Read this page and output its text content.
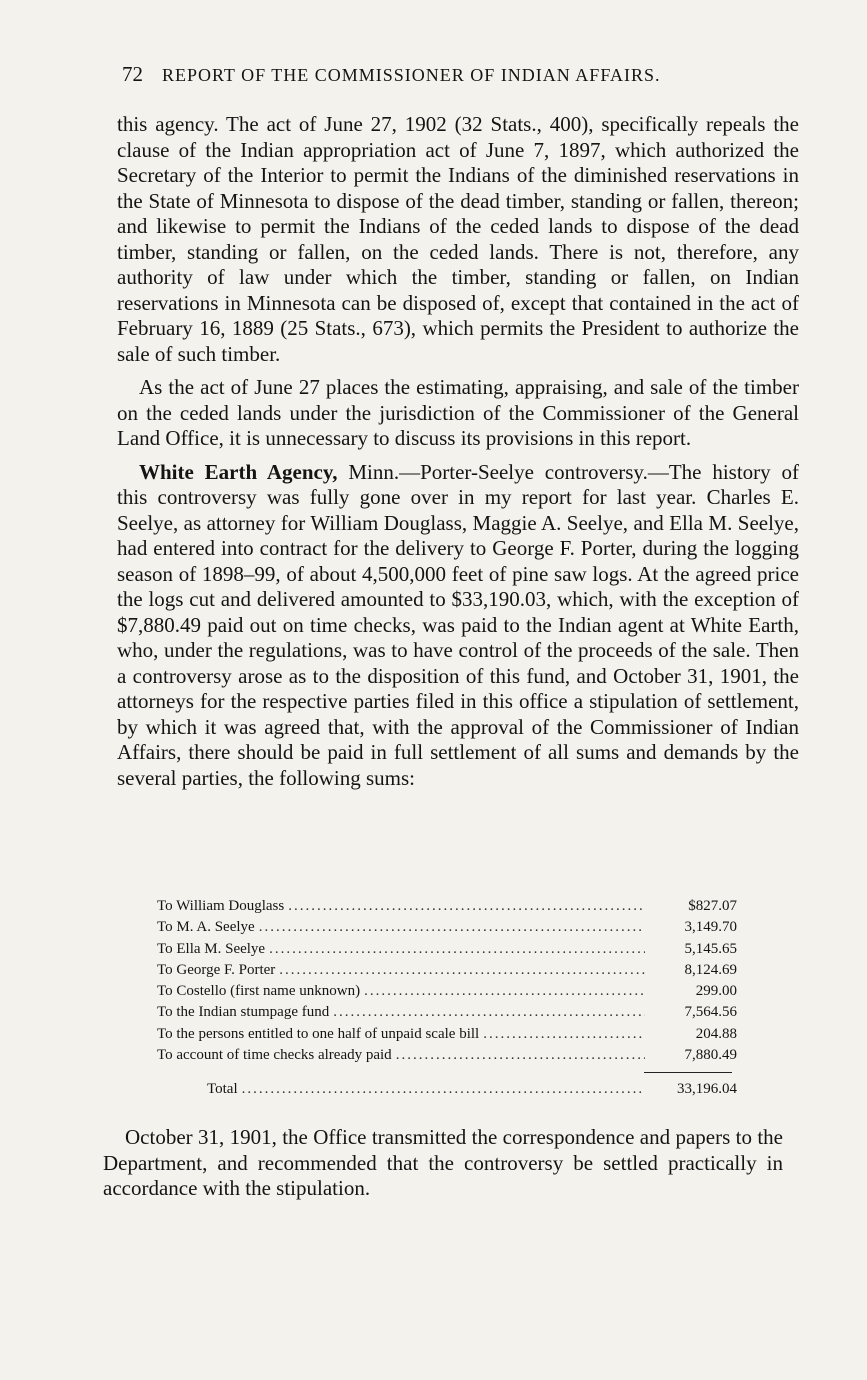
72 REPORT OF THE COMMISSIONER OF INDIAN AFFAIRS.

this agency. The act of June 27, 1902 (32 Stats., 400), specifically repeals the clause of the Indian appropriation act of June 7, 1897, which authorized the Secretary of the Interior to permit the Indians of the diminished reservations in the State of Minnesota to dispose of the dead timber, standing or fallen, thereon; and likewise to permit the Indians of the ceded lands to dispose of the dead timber, standing or fallen, on the ceded lands. There is not, therefore, any authority of law under which the timber, standing or fallen, on Indian reservations in Minnesota can be disposed of, except that contained in the act of February 16, 1889 (25 Stats., 673), which permits the President to authorize the sale of such timber.

As the act of June 27 places the estimating, appraising, and sale of the timber on the ceded lands under the jurisdiction of the Commissioner of the General Land Office, it is unnecessary to discuss its provisions in this report.

White Earth Agency, Minn.—Porter-Seelye controversy.—The history of this controversy was fully gone over in my report for last year. Charles E. Seelye, as attorney for William Douglass, Maggie A. Seelye, and Ella M. Seelye, had entered into contract for the delivery to George F. Porter, during the logging season of 1898–99, of about 4,500,000 feet of pine saw logs. At the agreed price the logs cut and delivered amounted to $33,190.03, which, with the exception of $7,880.49 paid out on time checks, was paid to the Indian agent at White Earth, who, under the regulations, was to have control of the proceeds of the sale. Then a controversy arose as to the disposition of this fund, and October 31, 1901, the attorneys for the respective parties filed in this office a stipulation of settlement, by which it was agreed that, with the approval of the Commissioner of Indian Affairs, there should be paid in full settlement of all sums and demands by the several parties, the following sums:

To William Douglass .....	$827.07
To M. A. Seelye .....	3,149.70
To Ella M. Seelye .....	5,145.65
To George F. Porter .....	8,124.69
To Costello (first name unknown) .....	299.00
To the Indian stumpage fund .....	7,564.56
To the persons entitled to one half of unpaid scale bill .....	204.88
To account of time checks already paid .....	7,880.49
Total .....	33,196.04

October 31, 1901, the Office transmitted the correspondence and papers to the Department, and recommended that the controversy be settled practically in accordance with the stipulation.
